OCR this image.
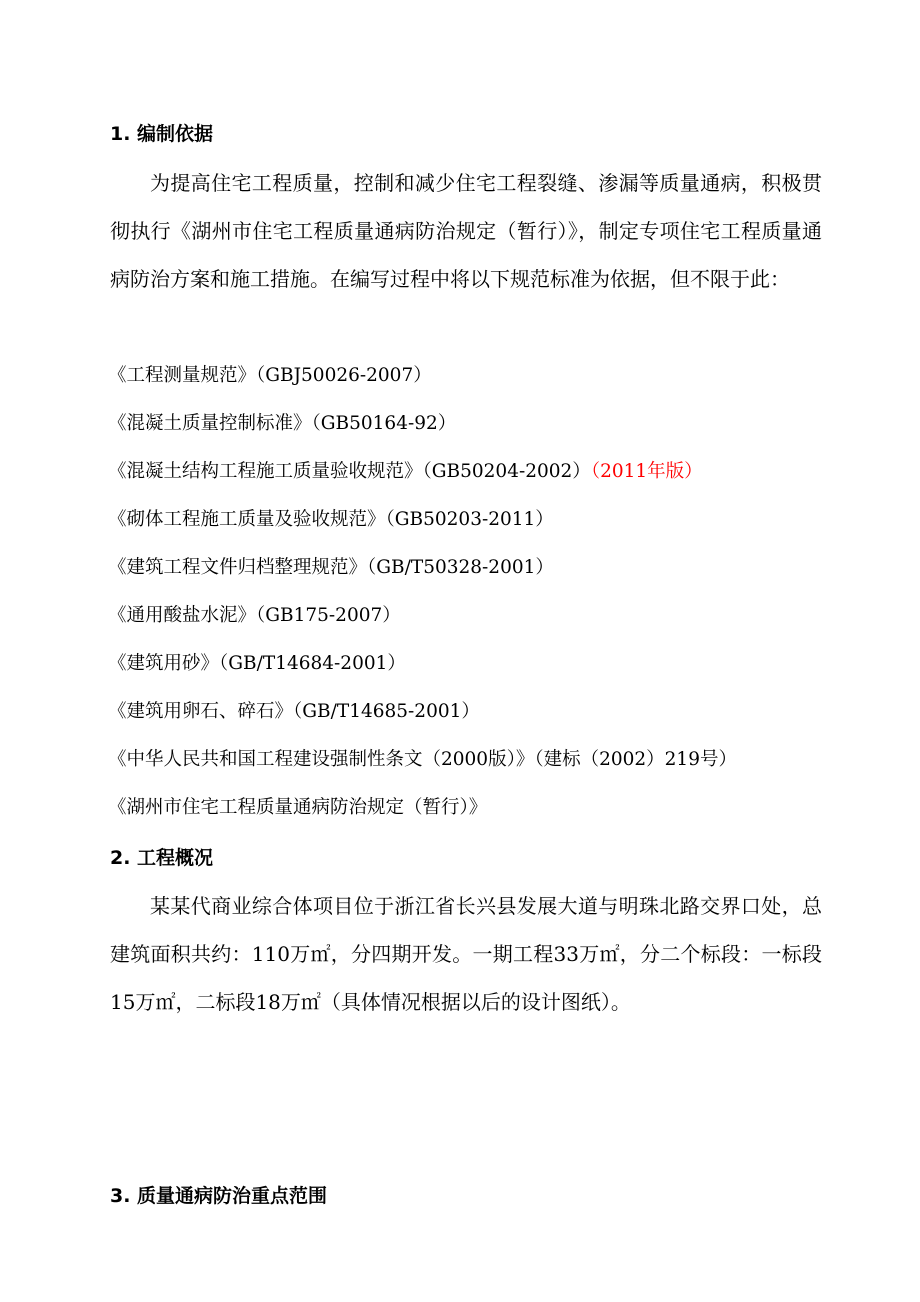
1. 编制依据

为提高住宅工程质量，控制和减少住宅工程裂缝、渗漏等质量通病，积极贯彻执行《湖州市住宅工程质量通病防治规定（暂行）》，制定专项住宅工程质量通病防治方案和施工措施。在编写过程中将以下规范标准为依据，但不限于此：

《工程测量规范》（GBJ50026-2007）
《混凝土质量控制标准》（GB50164-92）
《混凝土结构工程施工质量验收规范》（GB50204-2002）（2011年版）
《砌体工程施工质量及验收规范》（GB50203-2011）
《建筑工程文件归档整理规范》（GB/T50328-2001）
《通用酸盐水泥》（GB175-2007）
《建筑用砂》（GB/T14684-2001）
《建筑用卵石、碎石》（GB/T14685-2001）
《中华人民共和国工程建设强制性条文（2000版）》（建标（2002）219号）
《湖州市住宅工程质量通病防治规定（暂行）》
2. 工程概况

某某代商业综合体项目位于浙江省长兴县发展大道与明珠北路交界口处，总建筑面积共约：110万㎡，分四期开发。一期工程33万㎡，分二个标段：一标段15万㎡，二标段18万㎡（具体情况根据以后的设计图纸）。

3. 质量通病防治重点范围
